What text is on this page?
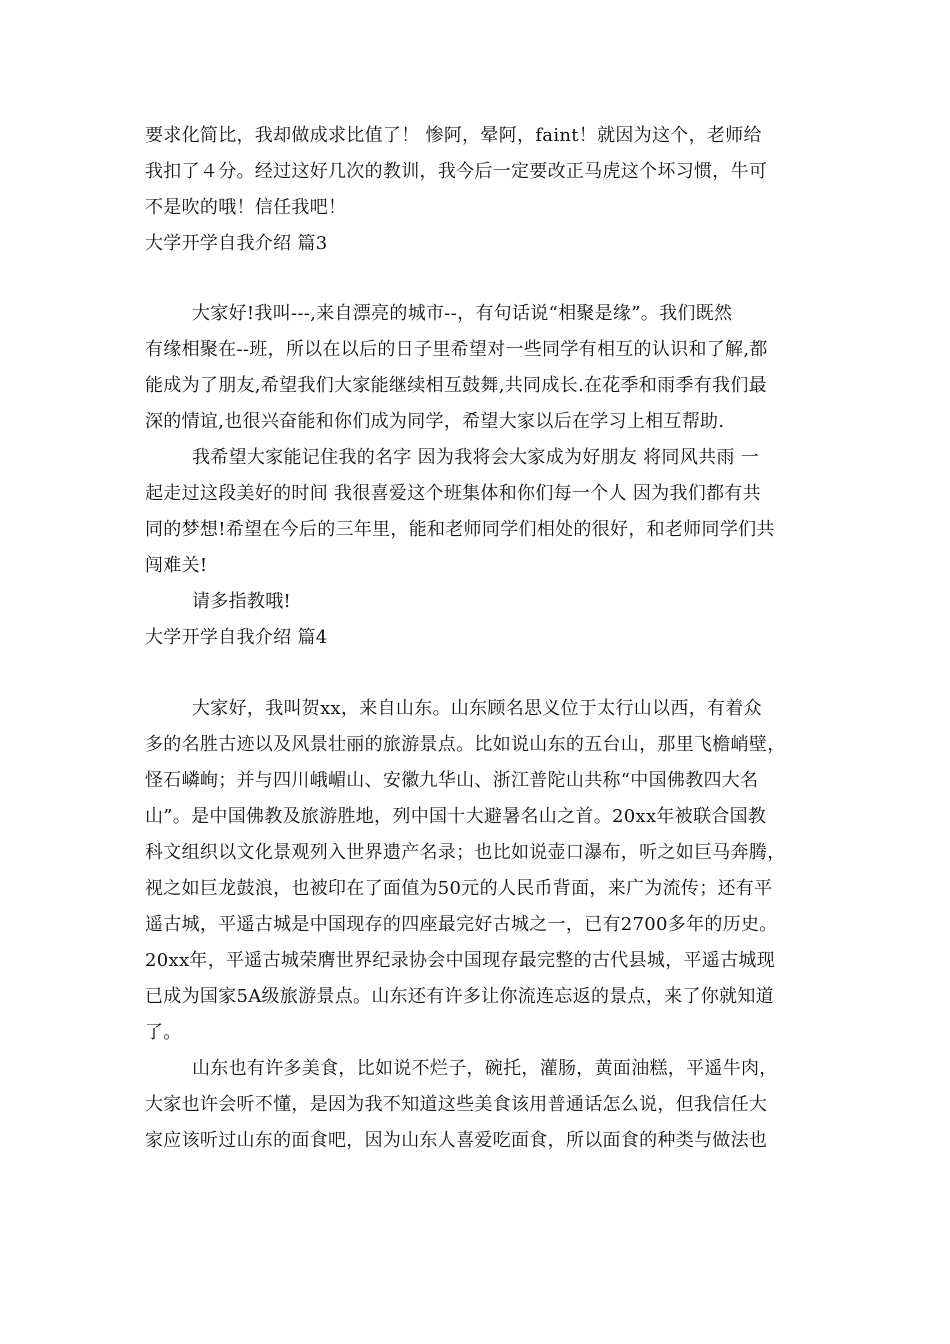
要求化简比，我却做成求比值了！ 惨阿，晕阿，faint！就因为这个，老师给
我扣了４分。经过这好几次的教训，我今后一定要改正马虎这个坏习惯，牛可
不是吹的哦！信任我吧！
大学开学自我介绍 篇3
大家好!我叫---,来自漂亮的城市--，有句话说“相聚是缘”。我们既然
有缘相聚在--班，所以在以后的日子里希望对一些同学有相互的认识和了解,都
能成为了朋友,希望我们大家能继续相互鼓舞,共同成长.在花季和雨季有我们最
深的情谊,也很兴奋能和你们成为同学，希望大家以后在学习上相互帮助.
我希望大家能记住我的名字 因为我将会大家成为好朋友 将同风共雨 一
起走过这段美好的时间 我很喜爱这个班集体和你们每一个人 因为我们都有共
同的梦想!希望在今后的三年里，能和老师同学们相处的很好，和老师同学们共
闯难关!
请多指教哦!
大学开学自我介绍 篇4
大家好，我叫贺xx，来自山东。山东顾名思义位于太行山以西，有着众
多的名胜古迹以及风景壮丽的旅游景点。比如说山东的五台山，那里飞檐峭壁，
怪石嶙峋；并与四川峨嵋山、安徽九华山、浙江普陀山共称“中国佛教四大名
山”。是中国佛教及旅游胜地，列中国十大避暑名山之首。20xx年被联合国教
科文组织以文化景观列入世界遗产名录；也比如说壶口瀑布，听之如巨马奔腾，
视之如巨龙鼓浪，也被印在了面值为50元的人民币背面，来广为流传；还有平
遥古城，平遥古城是中国现存的四座最完好古城之一，已有2700多年的历史。
20xx年，平遥古城荣膺世界纪录协会中国现存最完整的古代县城，平遥古城现
已成为国家5A级旅游景点。山东还有许多让你流连忘返的景点，来了你就知道
了。
山东也有许多美食，比如说不烂子，碗托，灌肠，黄面油糕，平遥牛肉，
大家也许会听不懂，是因为我不知道这些美食该用普通话怎么说，但我信任大
家应该听过山东的面食吧，因为山东人喜爱吃面食，所以面食的种类与做法也
